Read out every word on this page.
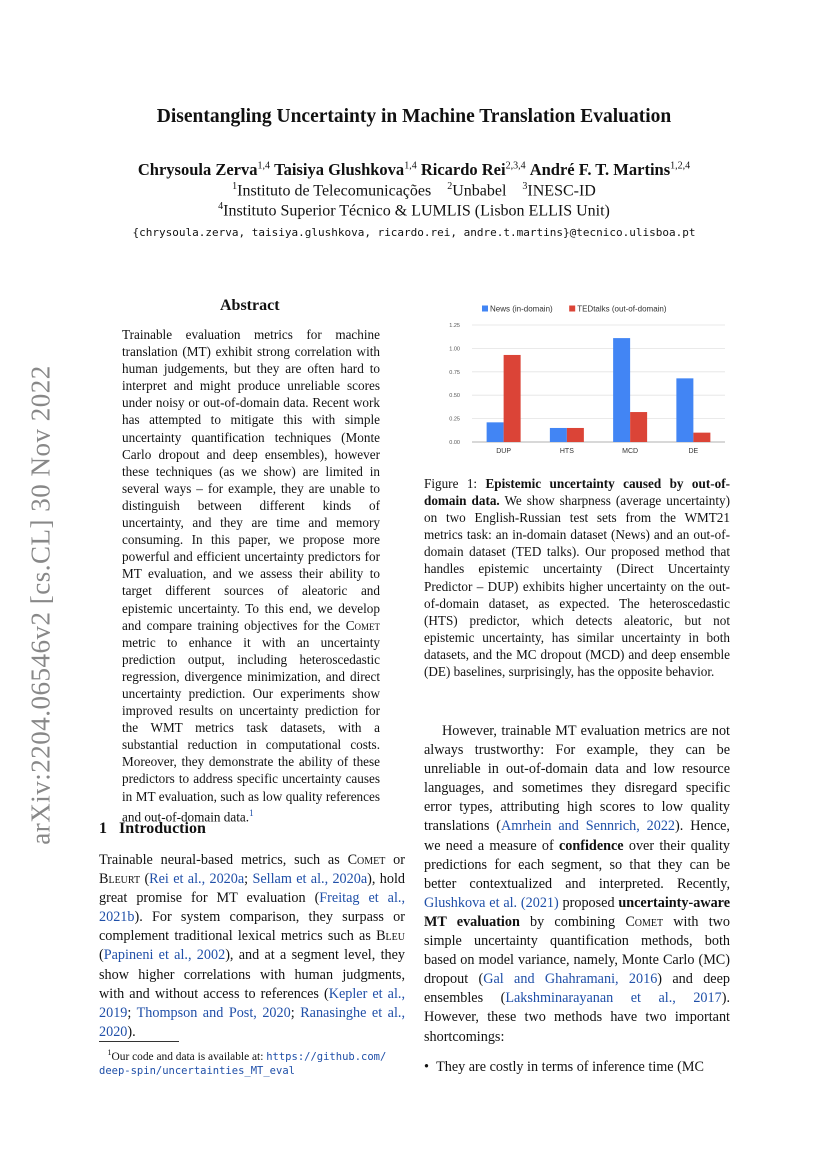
Disentangling Uncertainty in Machine Translation Evaluation
Chrysoula Zerva$^{1,4}$ Taisiya Glushkova$^{1,4}$ Ricardo Rei$^{2,3,4}$ André F. T. Martins$^{1,2,4}$
$^1$Instituto de Telecomunicações $^2$Unbabel $^3$INESC-ID
$^4$Instituto Superior Técnico & LUMLIS (Lisbon ELLIS Unit)
{chrysoula.zerva, taisiya.glushkova, ricardo.rei, andre.t.martins}@tecnico.ulisboa.pt
arXiv:2204.06546v2 [cs.CL] 30 Nov 2022
Abstract
Trainable evaluation metrics for machine translation (MT) exhibit strong correlation with human judgements, but they are often hard to interpret and might produce unreliable scores under noisy or out-of-domain data. Recent work has attempted to mitigate this with simple uncertainty quantification techniques (Monte Carlo dropout and deep ensembles), however these techniques (as we show) are limited in several ways – for example, they are unable to distinguish between different kinds of uncertainty, and they are time and memory consuming. In this paper, we propose more powerful and efficient uncertainty predictors for MT evaluation, and we assess their ability to target different sources of aleatoric and epistemic uncertainty. To this end, we develop and compare training objectives for the Comet metric to enhance it with an uncertainty prediction output, including heteroscedastic regression, divergence minimization, and direct uncertainty prediction. Our experiments show improved results on uncertainty prediction for the WMT metrics task datasets, with a substantial reduction in computational costs. Moreover, they demonstrate the ability of these predictors to address specific uncertainty causes in MT evaluation, such as low quality references and out-of-domain data.$^1$
1 Introduction
Trainable neural-based metrics, such as Comet or Bleurt (Rei et al., 2020a; Sellam et al., 2020a), hold great promise for MT evaluation (Freitag et al., 2021b). For system comparison, they surpass or complement traditional lexical metrics such as Bleu (Papineni et al., 2002), and at a segment level, they show higher correlations with human judgments, with and without access to references (Kepler et al., 2019; Thompson and Post, 2020; Ranasinghe et al., 2020).
$^1$Our code and data is available at: https://github.com/
deep-spin/uncertainties_MT_eval
0.00
0.25
0.50
0.75
1.00
1.25
News (in-domain)	TEDtalks (out-of-domain)
DUP	HTS	MCD	DE
Figure 1: Epistemic uncertainty caused by out-of-domain data. We show sharpness (average uncertainty) on two English-Russian test sets from the WMT21 metrics task: an in-domain dataset (News) and an out-of-domain dataset (TED talks). Our proposed method that handles epistemic uncertainty (Direct Uncertainty Predictor – DUP) exhibits higher uncertainty on the out-of-domain dataset, as expected. The heteroscedastic (HTS) predictor, which detects aleatoric, but not epistemic uncertainty, has similar uncertainty in both datasets, and the MC dropout (MCD) and deep ensemble (DE) baselines, surprisingly, has the opposite behavior.

However, trainable MT evaluation metrics are not always trustworthy: For example, they can be unreliable in out-of-domain data and low resource languages, and sometimes they disregard specific error types, attributing high scores to low quality translations (Amrhein and Sennrich, 2022). Hence, we need a measure of confidence over their quality predictions for each segment, so that they can be better contextualized and interpreted. Recently, Glushkova et al. (2021) proposed uncertainty-aware MT evaluation by combining Comet with two simple uncertainty quantification methods, both based on model variance, namely, Monte Carlo (MC) dropout (Gal and Ghahramani, 2016) and deep ensembles (Lakshminarayanan et al., 2017). However, these two methods have two important shortcomings:

• They are costly in terms of inference time (MC
